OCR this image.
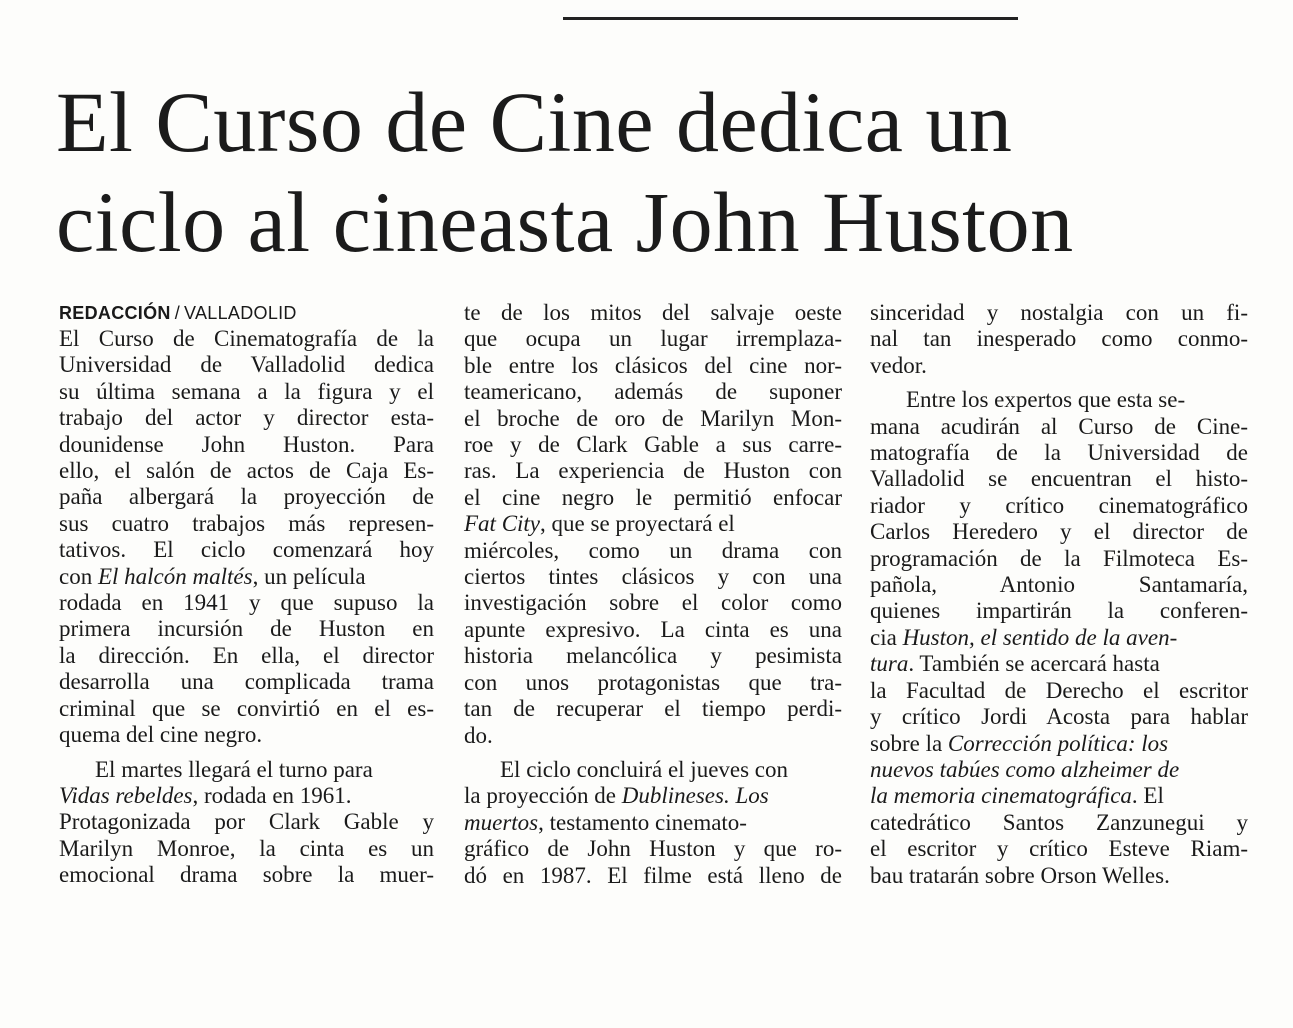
El Curso de Cine dedica un
ciclo al cineasta John Huston
REDACCIÓN / VALLADOLID
El Curso de Cinematografía de la
Universidad de Valladolid dedica
su última semana a la figura y el
trabajo del actor y director esta-
dounidense John Huston. Para
ello, el salón de actos de Caja Es-
paña albergará la proyección de
sus cuatro trabajos más represen-
tativos. El ciclo comenzará hoy
con El halcón maltés, un película
rodada en 1941 y que supuso la
primera incursión de Huston en
la dirección. En ella, el director
desarrolla una complicada trama
criminal que se convirtió en el es-
quema del cine negro.
El martes llegará el turno para
Vidas rebeldes, rodada en 1961.
Protagonizada por Clark Gable y
Marilyn Monroe, la cinta es un
emocional drama sobre la muer-
te de los mitos del salvaje oeste
que ocupa un lugar irremplaza-
ble entre los clásicos del cine nor-
teamericano, además de suponer
el broche de oro de Marilyn Mon-
roe y de Clark Gable a sus carre-
ras. La experiencia de Huston con
el cine negro le permitió enfocar
Fat City, que se proyectará el
miércoles, como un drama con
ciertos tintes clásicos y con una
investigación sobre el color como
apunte expresivo. La cinta es una
historia melancólica y pesimista
con unos protagonistas que tra-
tan de recuperar el tiempo perdi-
do.
El ciclo concluirá el jueves con
la proyección de Dublineses. Los
muertos, testamento cinemato-
gráfico de John Huston y que ro-
dó en 1987. El filme está lleno de
sinceridad y nostalgia con un fi-
nal tan inesperado como conmo-
vedor.
Entre los expertos que esta se-
mana acudirán al Curso de Cine-
matografía de la Universidad de
Valladolid se encuentran el histo-
riador y crítico cinematográfico
Carlos Heredero y el director de
programación de la Filmoteca Es-
pañola, Antonio Santamaría,
quienes impartirán la conferen-
cia Huston, el sentido de la aven-
tura. También se acercará hasta
la Facultad de Derecho el escritor
y crítico Jordi Acosta para hablar
sobre la Corrección política: los
nuevos tabúes como alzheimer de
la memoria cinematográfica. El
catedrático Santos Zanzunegui y
el escritor y crítico Esteve Riam-
bau tratarán sobre Orson Welles.
